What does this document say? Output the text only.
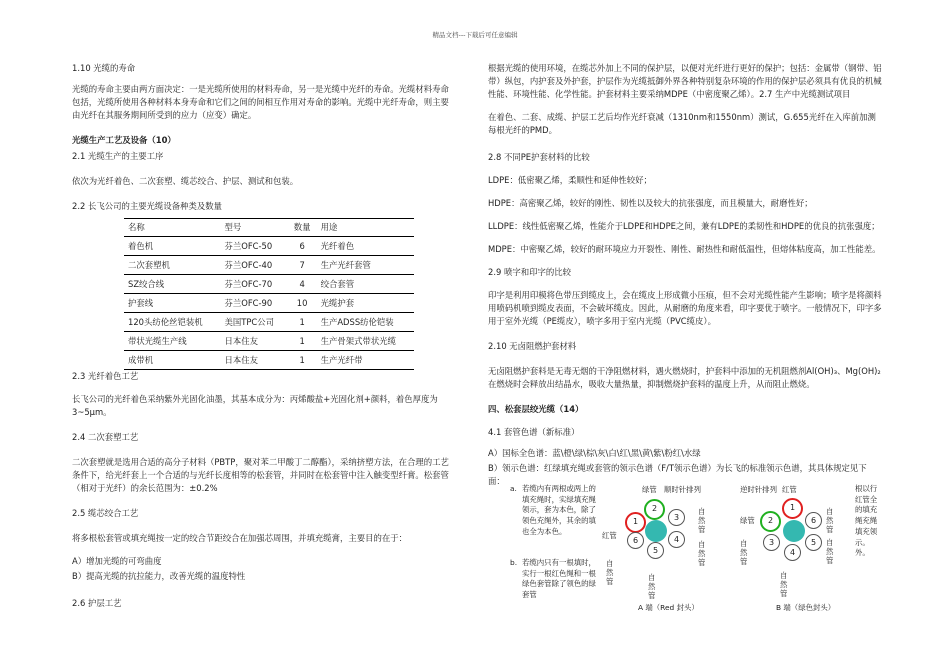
精品文档---下载后可任意编辑

1.10 光缆的寿命

光缆的寿命主要由两方面决定：一是光缆所使用的材料寿命，另一是光缆中光纤的寿命。光缆材料寿命包括，光缆所使用各种材料本身寿命和它们之间的间相互作用对寿命的影响。光缆中光纤寿命，则主要由光纤在其服务期间所受到的应力（应变）确定。

光缆生产工艺及设备（10）

2.1 光缆生产的主要工序

依次为光纤着色、二次套塑、缆芯绞合、护层、测试和包装。

2.2 长飞公司的主要光缆设备种类及数量

名称	型号	数量	用途
着色机	芬兰OFC-50	6	光纤着色
二次套塑机	芬兰OFC-40	7	生产光纤套管
SZ绞合线	芬兰OFC-70	4	绞合套管
护套线	芬兰OFC-90	10	光缆护套
120头纺伦丝铠装机	美国TPC公司	1	生产ADSS纺伦铠装
带状光缆生产线	日本住友	1	生产骨架式带状光缆
成带机	日本住友	1	生产光纤带

2.3 光纤着色工艺

长飞公司的光纤着色采纳紫外光固化油墨，其基本成分为：丙烯酸盐+光固化剂+颜料，着色厚度为3~5μm。

2.4 二次套塑工艺

二次套塑就是选用合适的高分子材料（PBTP，聚对苯二甲酸丁二醇酯），采纳挤塑方法，在合理的工艺条件下，给光纤套上一个合适的与光纤长度相等的松套管，并同时在松套管中注入触变型纤膏。松套管（相对于光纤）的余长范围为：±0.2%

2.5 缆芯绞合工艺

将多根松套管或填充绳按一定的绞合节距绞合在加强芯周围，并填充缆膏，主要目的在于：

A）增加光缆的可弯曲度

B）提高光缆的抗拉能力，改善光缆的温度特性

2.6 护层工艺

根据光缆的使用环境，在缆芯外加上不同的保护层，以便对光纤进行更好的保护；包括：金属带（钢带、铝带）纵包，内护套及外护套，护层作为光缆抵御外界各种特别复杂环境的作用的保护层必须具有优良的机械性能、环境性能、化学性能。护套材料主要采纳MDPE（中密度聚乙烯）。2.7 生产中光缆测试项目

在着色、二套、成缆、护层工艺后均作光纤衰减（1310nm和1550nm）测试，G.655光纤在入库前加测每根光纤的PMD。

2.8 不同PE护套材料的比较

LDPE：低密聚乙烯，柔顺性和延伸性较好；

HDPE：高密聚乙烯，较好的刚性、韧性以及较大的抗张强度，而且模量大，耐磨性好；

LLDPE：线性低密聚乙烯，性能介于LDPE和HDPE之间，兼有LDPE的柔韧性和HDPE的优良的抗张强度；

MDPE：中密聚乙烯，较好的耐环境应力开裂性、刚性、耐热性和耐低温性，但熔体粘度高，加工性能差。

2.9 喷字和印字的比较

印字是利用印模将色带压到缆皮上，会在缆皮上形成微小压痕，但不会对光缆性能产生影响；喷字是将颜料用喷码机喷到缆皮表面，不会破坏缆皮。因此，从耐磨的角度来看，印字要优于喷字。一般情况下，印字多用于室外光缆（PE缆皮），喷字多用于室内光缆（PVC缆皮）。

2.10 无卤阻燃护套材料

无卤阻燃护套料是无毒无烟的干净阻燃材料，遇火燃烧时，护套料中添加的无机阻燃剂Al(OH)₃、Mg(OH)₂在燃烧时会释放出结晶水，吸收大量热量，抑制燃烧护套料的温度上升，从而阻止燃烧。

四、松套层绞光缆（14）

4.1 套管色谱（新标准）

A）国标全色谱：蓝\橙\绿\棕\灰\白\红\黑\黄\紫\粉红\水绿

B）领示色谱：红绿填充绳或套管的领示色谱（F/T领示色谱）为长飞的标准领示色谱，其具体规定见下面：

a. 若缆内有两根或两上的填充绳时，实绿填充绳领示，套为本色，除了领色充绳外，其余的填也全为本色。
b. 若缆内只有一根填时，实行一根红色绳和一根绿色套管除了领色的绿套管
根以行红管全的填充绳充绳填充领示。外。
绿管 顺时针排列
红管
自然管
自然管
自然管	自然管
1
2
3
4
5
6
A 端（Red 封头）
逆时针排列 红管
绿管
自然管
自然管
自然管
自然管
1
2	6
3	5
4
B 端（绿色封头）
